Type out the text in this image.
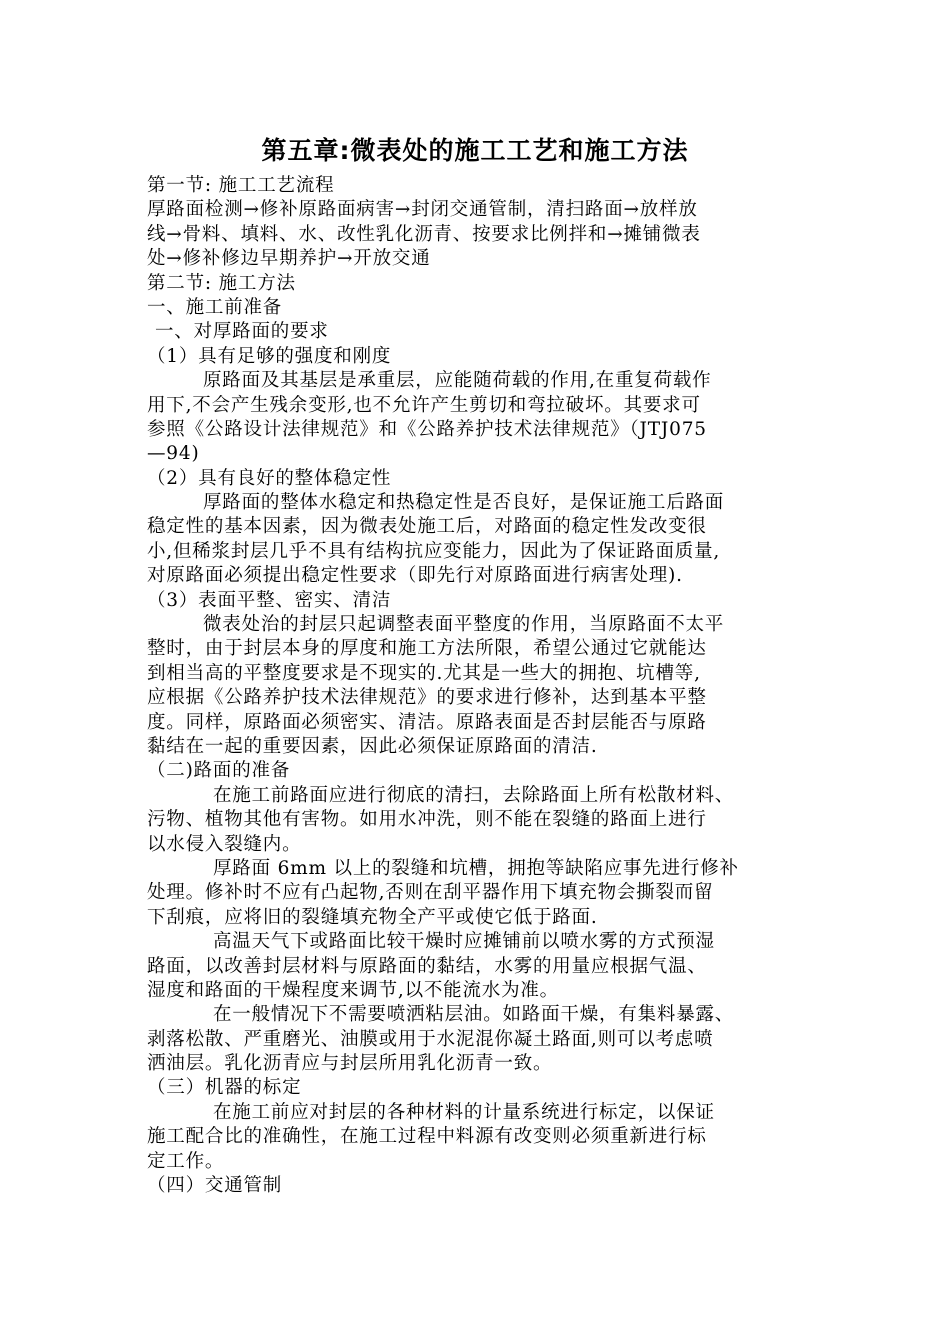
第五章:微表处的施工工艺和施工方法
第一节: 施工工艺流程
厚路面检测→修补原路面病害→封闭交通管制，清扫路面→放样放
线→骨料、填料、水、改性乳化沥青、按要求比例拌和→摊铺微表
处→修补修边早期养护→开放交通
第二节: 施工方法
一、施工前准备
一、对厚路面的要求
（1）具有足够的强度和刚度
原路面及其基层是承重层，应能随荷载的作用,在重复荷载作
用下,不会产生残余变形,也不允许产生剪切和弯拉破坏。其要求可
参照《公路设计法律规范》和《公路养护技术法律规范》（JTJ075
—94)
（2）具有良好的整体稳定性
厚路面的整体水稳定和热稳定性是否良好，是保证施工后路面
稳定性的基本因素，因为微表处施工后，对路面的稳定性发改变很
小,但稀浆封层几乎不具有结构抗应变能力，因此为了保证路面质量,
对原路面必须提出稳定性要求（即先行对原路面进行病害处理).
（3）表面平整、密实、清洁
微表处治的封层只起调整表面平整度的作用，当原路面不太平
整时，由于封层本身的厚度和施工方法所限，希望公通过它就能达
到相当高的平整度要求是不现实的.尤其是一些大的拥抱、坑槽等,
应根据《公路养护技术法律规范》的要求进行修补，达到基本平整
度。同样，原路面必须密实、清洁。原路表面是否封层能否与原路
黏结在一起的重要因素，因此必须保证原路面的清洁.
（二)路面的准备
在施工前路面应进行彻底的清扫，去除路面上所有松散材料、
污物、植物其他有害物。如用水冲洗，则不能在裂缝的路面上进行
以水侵入裂缝内。
厚路面 6mm 以上的裂缝和坑槽，拥抱等缺陷应事先进行修补
处理。修补时不应有凸起物,否则在刮平器作用下填充物会撕裂而留
下刮痕，应将旧的裂缝填充物全产平或使它低于路面.
高温天气下或路面比较干燥时应摊铺前以喷水雾的方式预湿
路面，以改善封层材料与原路面的黏结，水雾的用量应根据气温、
湿度和路面的干燥程度来调节,以不能流水为准。
在一般情况下不需要喷洒粘层油。如路面干燥，有集料暴露、
剥落松散、严重磨光、油膜或用于水泥混你凝土路面,则可以考虑喷
洒油层。乳化沥青应与封层所用乳化沥青一致。
（三）机器的标定
在施工前应对封层的各种材料的计量系统进行标定，以保证
施工配合比的准确性，在施工过程中料源有改变则必须重新进行标
定工作。
（四）交通管制
